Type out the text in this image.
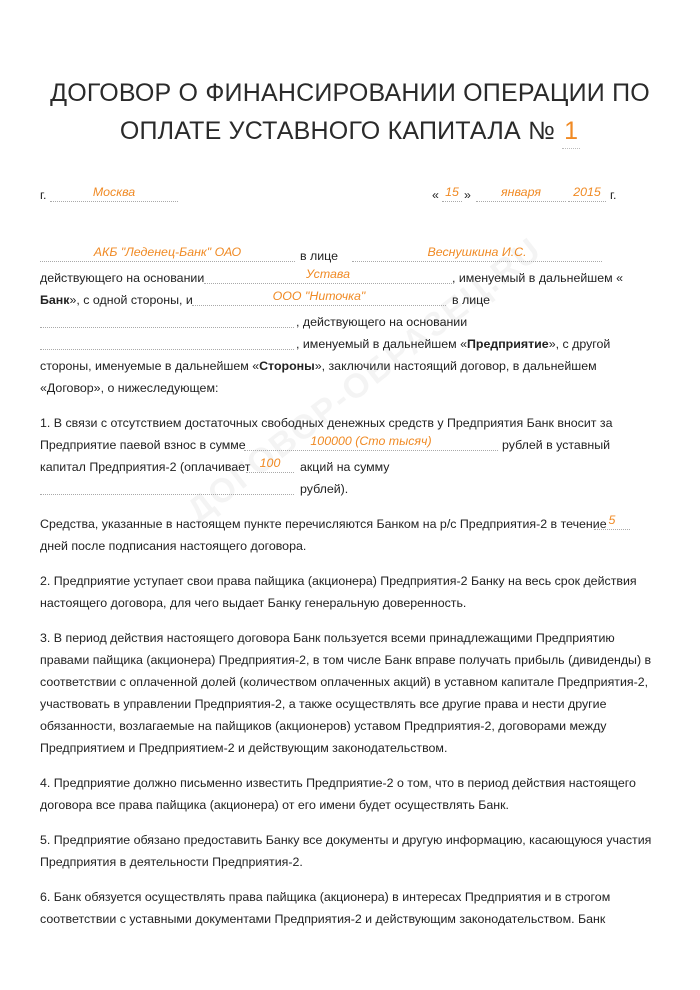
ДОГОВОР О ФИНАНСИРОВАНИИ ОПЕРАЦИИ ПО
ОПЛАТЕ УСТАВНОГО КАПИТАЛА № 1
г.	Москва	« 15 »	января	2015 г.
АКБ "Леденец-Банк" ОАО	в лице	Веснушкина И.С.
действующего на основании	Устава	, именуемый в дальнейшем «
Банк», с одной стороны, и	ООО "Ниточка"	в лице
, действующего на основании
, именуемый в дальнейшем «Предприятие», с другой
стороны, именуемые в дальнейшем «Стороны», заключили настоящий договор, в дальнейшем
«Договор», о нижеследующем:
1. В связи с отсутствием достаточных свободных денежных средств у Предприятия Банк вносит за
Предприятие паевой взнос в сумме	100000 (Сто тысяч)	рублей в уставный
капитал Предприятия-2 (оплачивает 100	акций на сумму
рублей).
Средства, указанные в настоящем пункте перечисляются Банком на р/с Предприятия-2 в течение 5
дней после подписания настоящего договора.
2. Предприятие уступает свои права пайщика (акционера) Предприятия-2 Банку на весь срок действия
настоящего договора, для чего выдает Банку генеральную доверенность.
3. В период действия настоящего договора Банк пользуется всеми принадлежащими Предприятию
правами пайщика (акционера) Предприятия-2, в том числе Банк вправе получать прибыль (дивиденды) в
соответствии с оплаченной долей (количеством оплаченных акций) в уставном капитале Предприятия-2,
участвовать в управлении Предприятия-2, а также осуществлять все другие права и нести другие
обязанности, возлагаемые на пайщиков (акционеров) уставом Предприятия-2, договорами между
Предприятием и Предприятием-2 и действующим законодательством.
4. Предприятие должно письменно известить Предприятие-2 о том, что в период действия настоящего
договора все права пайщика (акционера) от его имени будет осуществлять Банк.
5. Предприятие обязано предоставить Банку все документы и другую информацию, касающуюся участия
Предприятия в деятельности Предприятия-2.
6. Банк обязуется осуществлять права пайщика (акционера) в интересах Предприятия и в строгом
соответствии с уставными документами Предприятия-2 и действующим законодательством. Банк
